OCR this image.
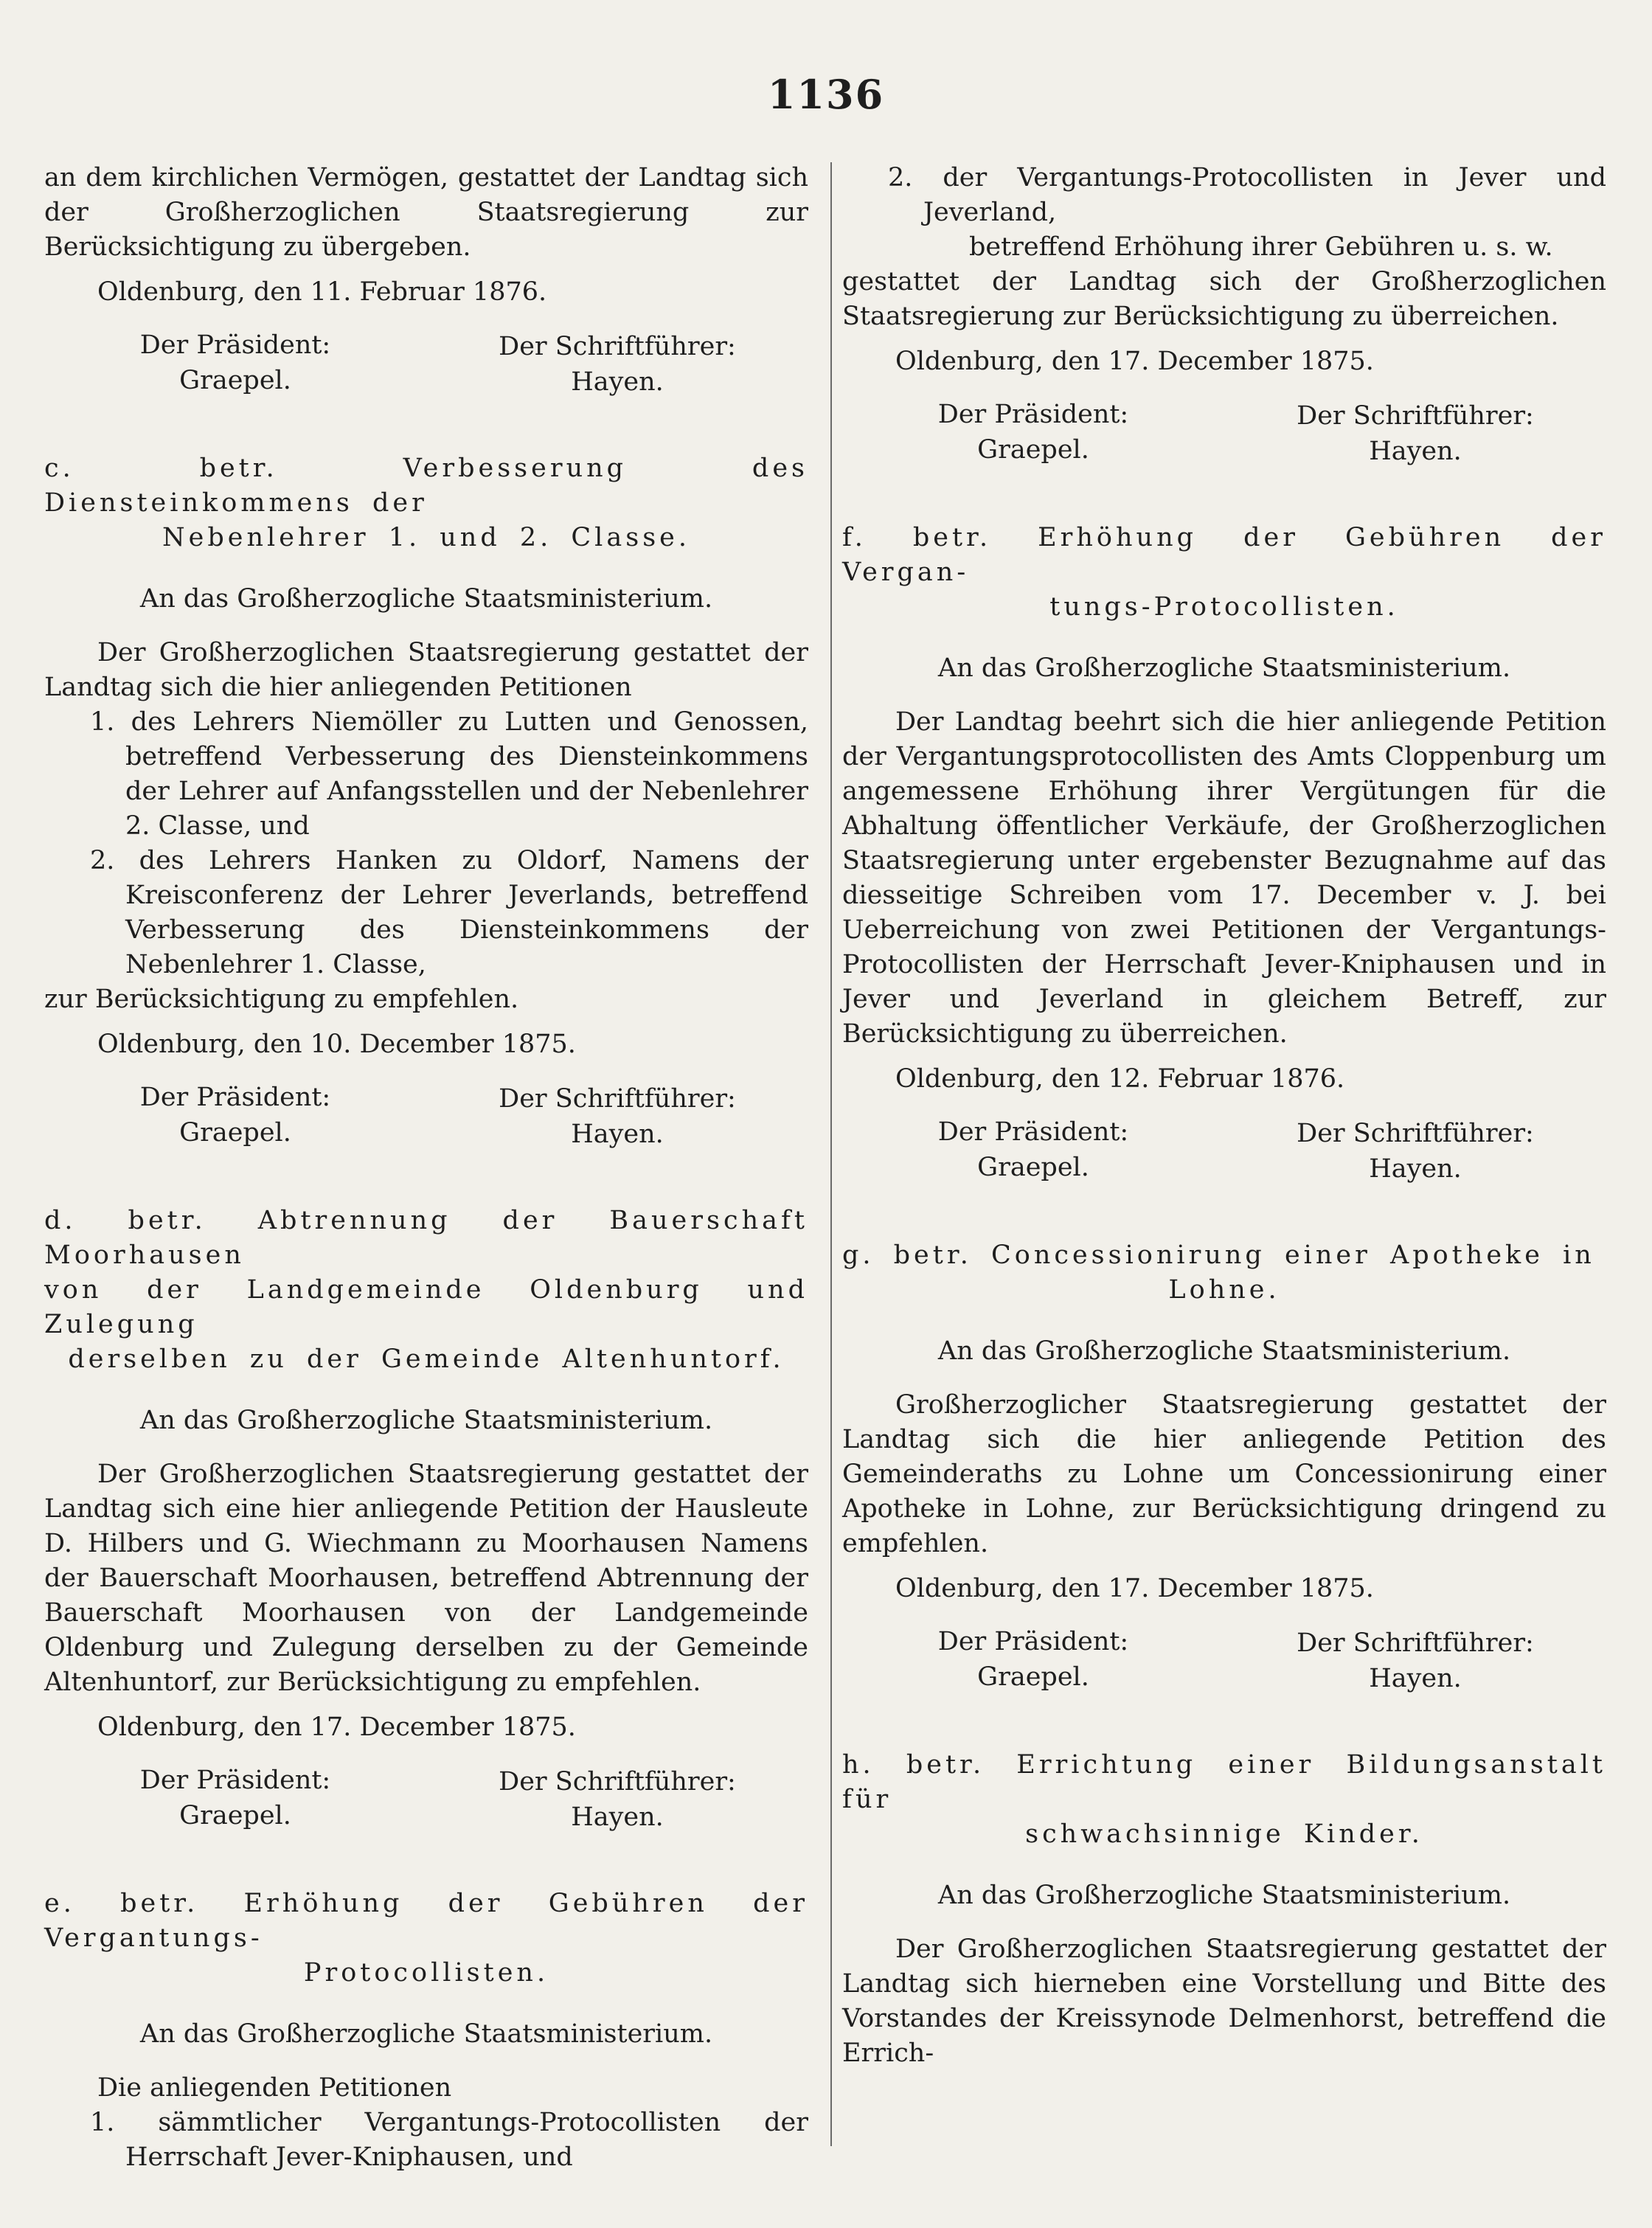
1136

an dem kirchlichen Vermögen, gestattet der Landtag sich der Großherzoglichen Staatsregierung zur Berücksichtigung zu übergeben.

Oldenburg, den 11. Februar 1876.

Der Präsident:
Graepel.
Der Schriftführer:
Hayen.

c. betr. Verbesserung des Diensteinkommens der

Nebenlehrer 1. und 2. Classe.

An das Großherzogliche Staatsministerium.

Der Großherzoglichen Staatsregierung gestattet der Landtag sich die hier anliegenden Petitionen

1. des Lehrers Niemöller zu Lutten und Genossen, betreffend Verbesserung des Diensteinkommens der Lehrer auf Anfangsstellen und der Nebenlehrer 2. Classe, und

2. des Lehrers Hanken zu Oldorf, Namens der Kreisconferenz der Lehrer Jeverlands, betreffend Verbesserung des Diensteinkommens der Nebenlehrer 1. Classe,

zur Berücksichtigung zu empfehlen.

Oldenburg, den 10. December 1875.

Der Präsident:
Graepel.
Der Schriftführer:
Hayen.

d. betr. Abtrennung der Bauerschaft Moorhausen

von der Landgemeinde Oldenburg und Zulegung

derselben zu der Gemeinde Altenhuntorf.

An das Großherzogliche Staatsministerium.

Der Großherzoglichen Staatsregierung gestattet der Landtag sich eine hier anliegende Petition der Hausleute D. Hilbers und G. Wiechmann zu Moorhausen Namens der Bauerschaft Moorhausen, betreffend Abtrennung der Bauerschaft Moorhausen von der Landgemeinde Oldenburg und Zulegung derselben zu der Gemeinde Altenhuntorf, zur Berücksichtigung zu empfehlen.

Oldenburg, den 17. December 1875.

Der Präsident:
Graepel.
Der Schriftführer:
Hayen.

e. betr. Erhöhung der Gebühren der Vergantungs-

Protocollisten.

An das Großherzogliche Staatsministerium.

Die anliegenden Petitionen

1. sämmtlicher Vergantungs-Protocollisten der Herrschaft Jever-Kniphausen, und

2. der Vergantungs-Protocollisten in Jever und Jeverland,

betreffend Erhöhung ihrer Gebühren u. s. w.

gestattet der Landtag sich der Großherzoglichen Staatsregierung zur Berücksichtigung zu überreichen.

Oldenburg, den 17. December 1875.

Der Präsident:
Graepel.
Der Schriftführer:
Hayen.

f. betr. Erhöhung der Gebühren der Vergan-

tungs-Protocollisten.

An das Großherzogliche Staatsministerium.

Der Landtag beehrt sich die hier anliegende Petition der Vergantungsprotocollisten des Amts Cloppenburg um angemessene Erhöhung ihrer Vergütungen für die Abhaltung öffentlicher Verkäufe, der Großherzoglichen Staatsregierung unter ergebenster Bezugnahme auf das diesseitige Schreiben vom 17. December v. J. bei Ueberreichung von zwei Petitionen der Vergantungs-Protocollisten der Herrschaft Jever-Kniphausen und in Jever und Jeverland in gleichem Betreff, zur Berücksichtigung zu überreichen.

Oldenburg, den 12. Februar 1876.

Der Präsident:
Graepel.
Der Schriftführer:
Hayen.

g. betr. Concessionirung einer Apotheke in

Lohne.

An das Großherzogliche Staatsministerium.

Großherzoglicher Staatsregierung gestattet der Landtag sich die hier anliegende Petition des Gemeinderaths zu Lohne um Concessionirung einer Apotheke in Lohne, zur Berücksichtigung dringend zu empfehlen.

Oldenburg, den 17. December 1875.

Der Präsident:
Graepel.
Der Schriftführer:
Hayen.

h. betr. Errichtung einer Bildungsanstalt für

schwachsinnige Kinder.

An das Großherzogliche Staatsministerium.

Der Großherzoglichen Staatsregierung gestattet der Landtag sich hierneben eine Vorstellung und Bitte des Vorstandes der Kreissynode Delmenhorst, betreffend die Errich-
